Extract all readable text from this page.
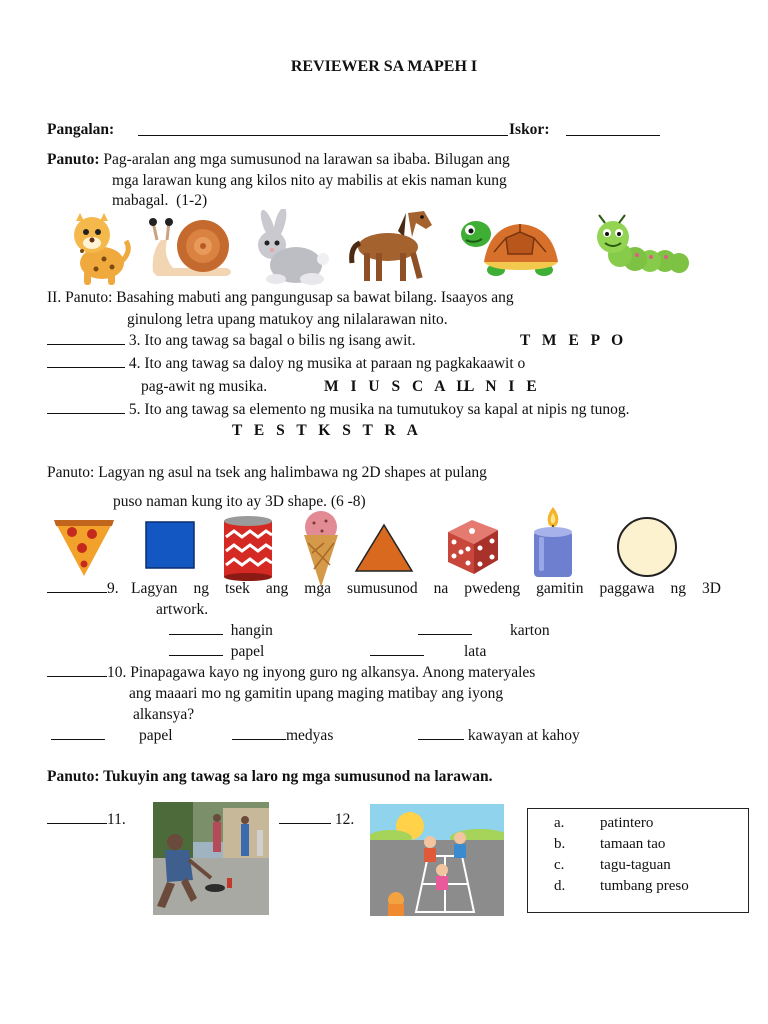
REVIEWER SA MAPEH I
Pangalan:	Iskor:
Panuto: Pag-aralan ang mga sumusunod na larawan sa ibaba. Bilugan ang
mga larawan kung ang kilos nito ay mabilis at ekis naman kung
mabagal. (1-2)
II. Panuto: Basahing mabuti ang pangungusap sa bawat bilang. Isaayos ang
ginulong letra upang matukoy ang nilalarawan nito.
3. Ito ang tawag sa bagal o bilis ng isang awit.	T M E P O
4. Ito ang tawag sa daloy ng musika at paraan ng pagkakaawit o
pag-awit ng musika.	M I U S C A L
L N I E
5. Ito ang tawag sa elemento ng musika na tumutukoy sa kapal at nipis ng tunog.
T E S T K S T R A
Panuto: Lagyan ng asul na tsek ang halimbawa ng 2D shapes at pulang
puso naman kung ito ay 3D shape. (6 -8)
9. Lagyan ng tsek ang mga sumusunod na pwedeng gamitin paggawa ng 3D
artwork.
hangin	karton
papel	lata
10. Pinapagawa kayo ng inyong guro ng alkansya. Anong materyales
ang maaari mo ng gamitin upang maging matibay ang iyong
alkansya?
papel	medyas	kawayan at kahoy
Panuto: Tukuyin ang tawag sa laro ng mga sumusunod na larawan.
11.	12.	a. patintero
b. tamaan tao
c. tagu-taguan
d. tumbang preso
